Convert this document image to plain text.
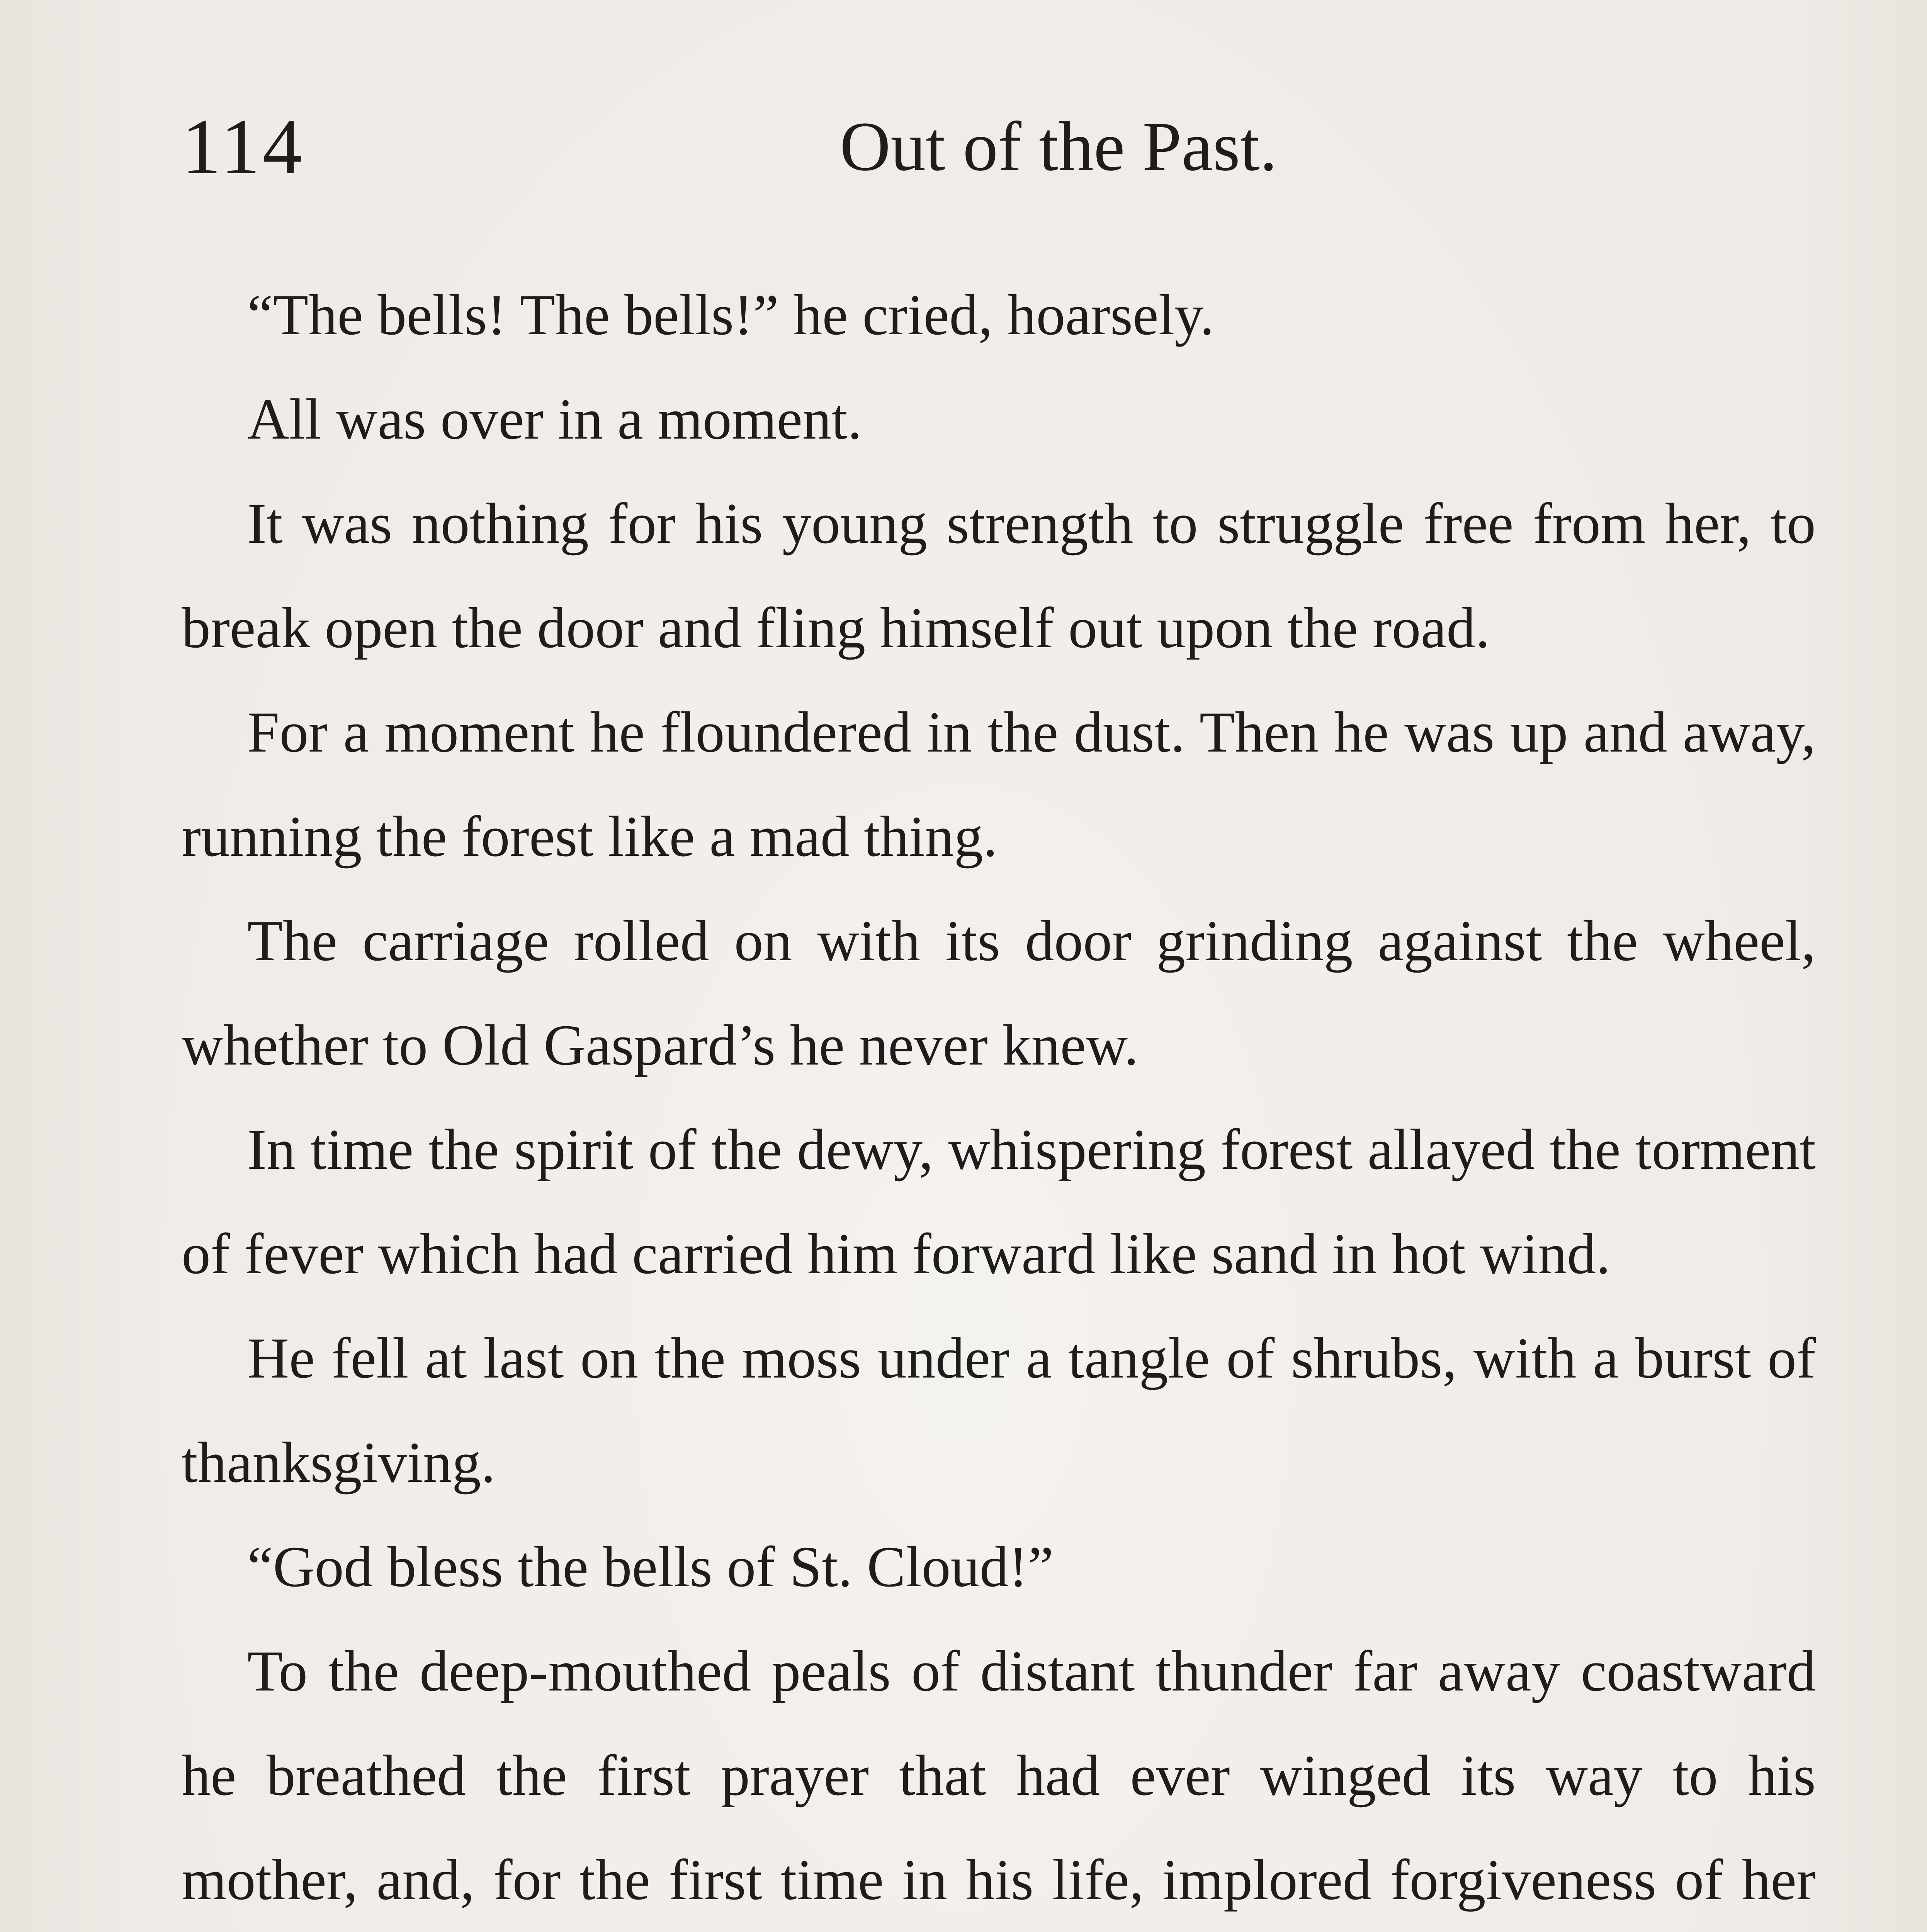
114	Out of the Past.

“The bells! The bells!” he cried, hoarsely.

All was over in a moment.

It was nothing for his young strength to struggle free from her, to break open the door and fling himself out upon the road.

For a moment he floundered in the dust. Then he was up and away, running the forest like a mad thing.

The carriage rolled on with its door grinding against the wheel, whether to Old Gaspard’s he never knew.

In time the spirit of the dewy, whispering forest allayed the torment of fever which had carried him forward like sand in hot wind.

He fell at last on the moss under a tangle of shrubs, with a burst of thanksgiving.

“God bless the bells of St. Cloud!”

To the deep-mouthed peals of distant thunder far away coastward he breathed the first prayer that had ever winged its way to his mother, and, for the first time in his life, implored forgiveness of her
